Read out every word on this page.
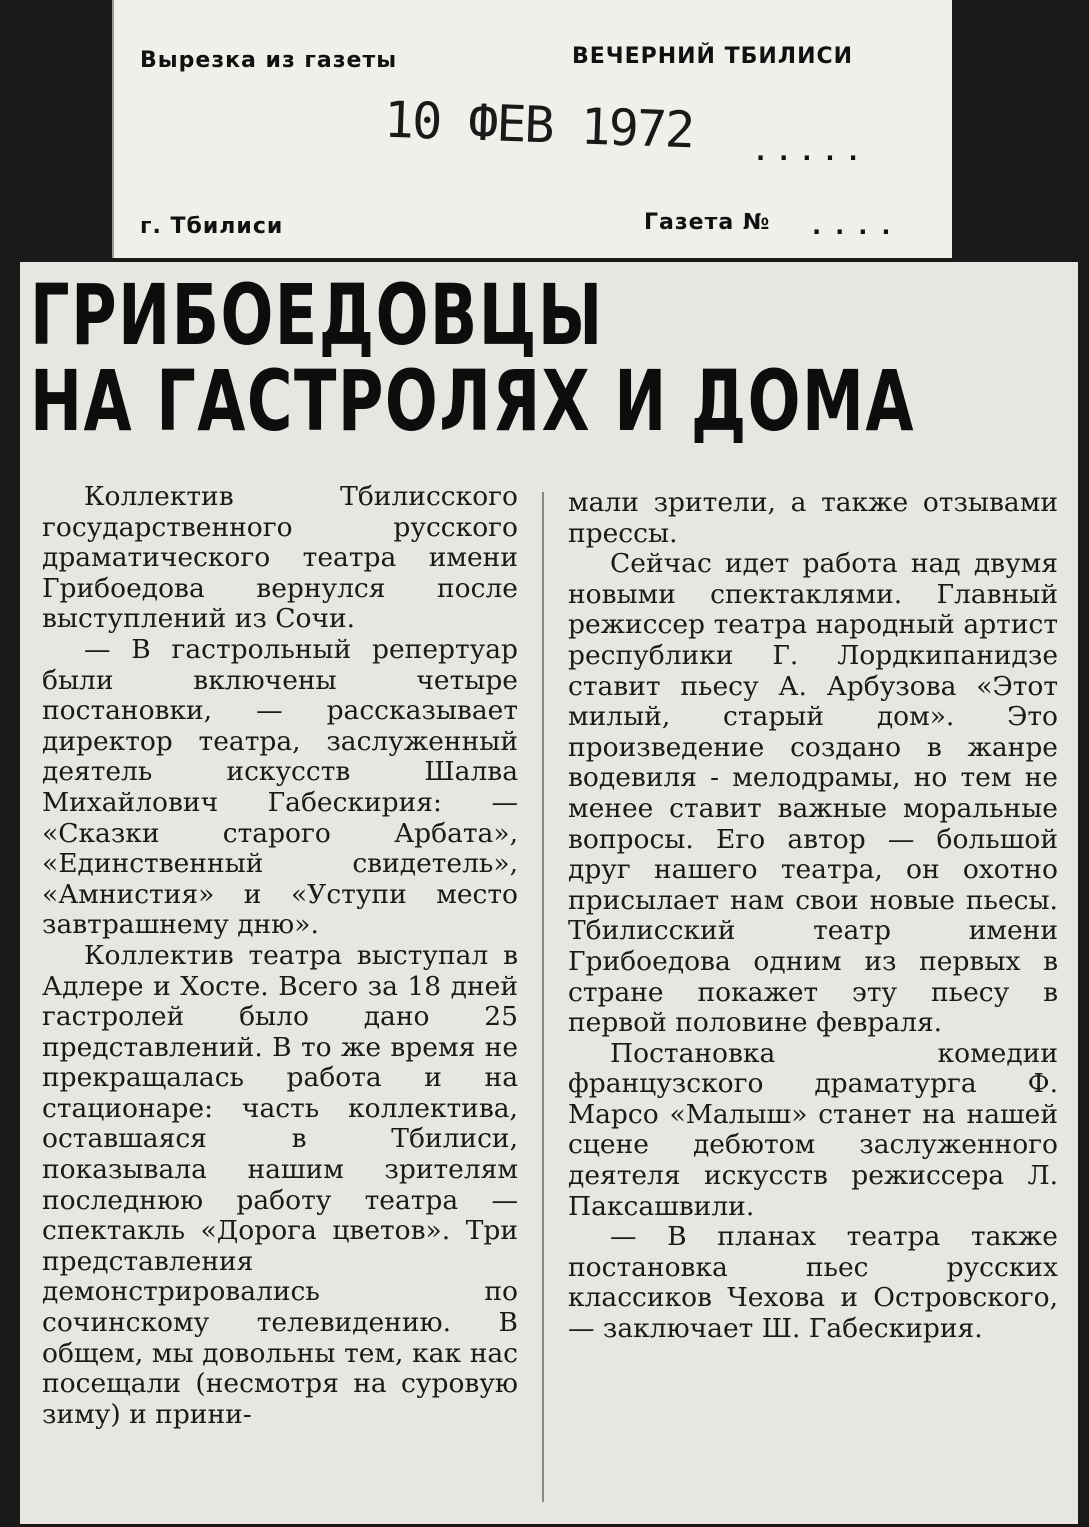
Вырезка из газеты	ВЕЧЕРНИЙ ТБИЛИСИ
10 ФЕВ 1972	.....
г. Тбилиси	Газета № ....
ГРИБОЕДОВЦЫ
НА ГАСТРОЛЯХ И ДОМА

Коллектив Тбилисского государственного русского драматического театра имени Грибоедова вернулся после выступлений из Сочи.

— В гастрольный репертуар были включены четыре постановки, — рассказывает директор театра, заслуженный деятель искусств Шалва Михайлович Габескирия: — «Сказки старого Арбата», «Единственный свидетель», «Амнистия» и «Уступи место завтрашнему дню».

Коллектив театра выступал в Адлере и Хосте. Всего за 18 дней гастролей было дано 25 представлений. В то же время не прекращалась работа и на стационаре: часть коллектива, оставшаяся в Тбилиси, показывала нашим зрителям последнюю работу театра — спектакль «Дорога цветов». Три представления демонстрировались по сочинскому телевидению. В общем, мы довольны тем, как нас посещали (несмотря на суровую зиму) и прини-

мали зрители, а также отзывами прессы.

Сейчас идет работа над двумя новыми спектаклями. Главный режиссер театра народный артист республики Г. Лордкипанидзе ставит пьесу А. Арбузова «Этот милый, старый дом». Это произведение создано в жанре водевиля - мелодрамы, но тем не менее ставит важные моральные вопросы. Его автор — большой друг нашего театра, он охотно присылает нам свои новые пьесы. Тбилисский театр имени Грибоедова одним из первых в стране покажет эту пьесу в первой половине февраля.

Постановка комедии французского драматурга Ф. Марсо «Малыш» станет на нашей сцене дебютом заслуженного деятеля искусств режиссера Л. Паксашвили.

— В планах театра также постановка пьес русских классиков Чехова и Островского, — заключает Ш. Габескирия.
